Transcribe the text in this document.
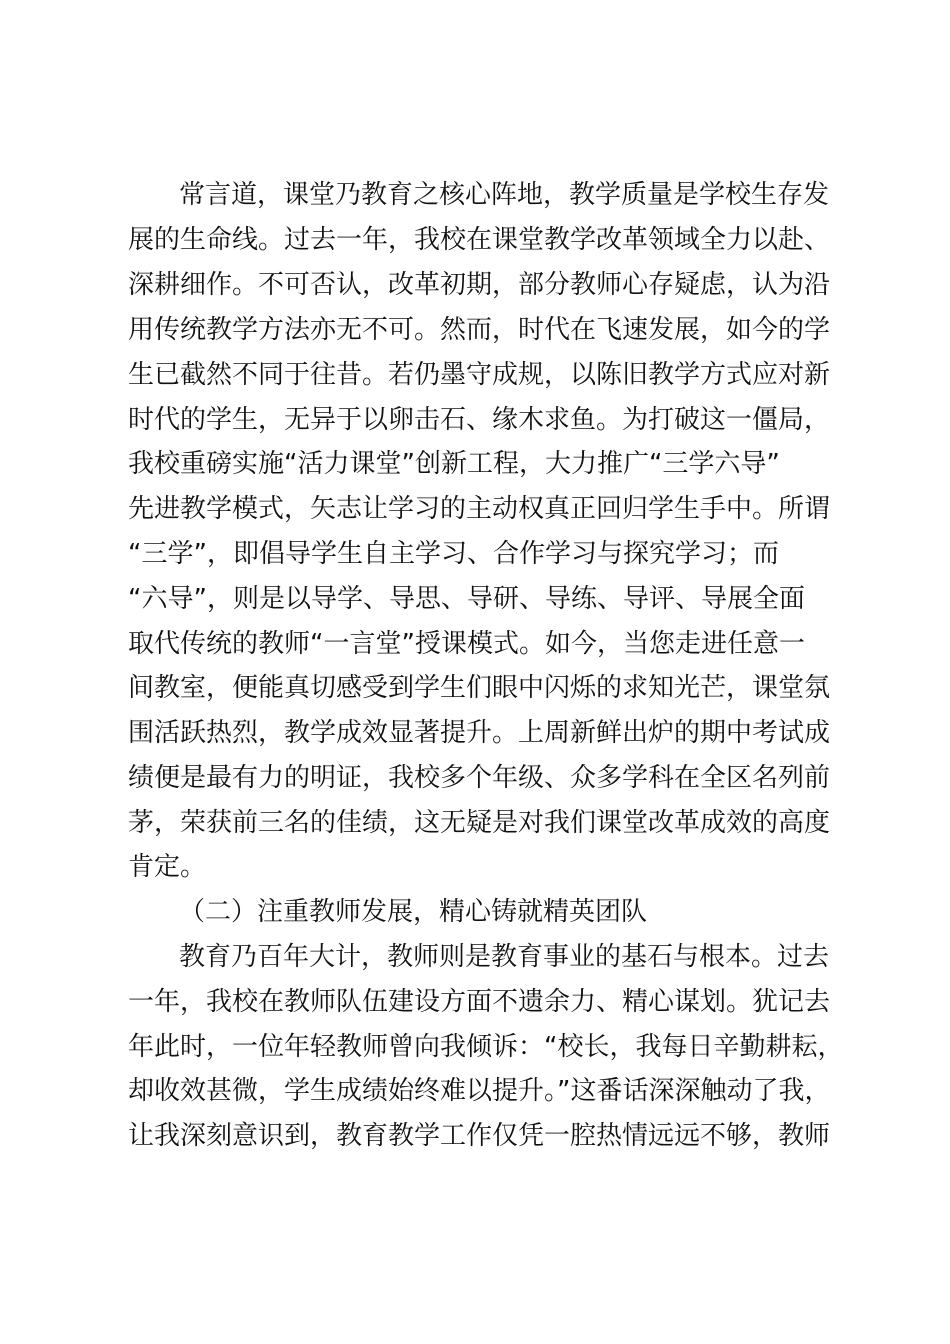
常言道，课堂乃教育之核心阵地，教学质量是学校生存发
展的生命线。过去一年，我校在课堂教学改革领域全力以赴、
深耕细作。不可否认，改革初期，部分教师心存疑虑，认为沿
用传统教学方法亦无不可。然而，时代在飞速发展，如今的学
生已截然不同于往昔。若仍墨守成规，以陈旧教学方式应对新
时代的学生，无异于以卵击石、缘木求鱼。为打破这一僵局，
我校重磅实施“活力课堂”创新工程，大力推广“三学六导”
先进教学模式，矢志让学习的主动权真正回归学生手中。所谓
“三学”，即倡导学生自主学习、合作学习与探究学习；而
“六导”，则是以导学、导思、导研、导练、导评、导展全面
取代传统的教师“一言堂”授课模式。如今，当您走进任意一
间教室，便能真切感受到学生们眼中闪烁的求知光芒，课堂氛
围活跃热烈，教学成效显著提升。上周新鲜出炉的期中考试成
绩便是最有力的明证，我校多个年级、众多学科在全区名列前
茅，荣获前三名的佳绩，这无疑是对我们课堂改革成效的高度
肯定。
（二）注重教师发展，精心铸就精英团队
教育乃百年大计，教师则是教育事业的基石与根本。过去
一年，我校在教师队伍建设方面不遗余力、精心谋划。犹记去
年此时，一位年轻教师曾向我倾诉：“校长，我每日辛勤耕耘，
却收效甚微，学生成绩始终难以提升。”这番话深深触动了我，
让我深刻意识到，教育教学工作仅凭一腔热情远远不够，教师
